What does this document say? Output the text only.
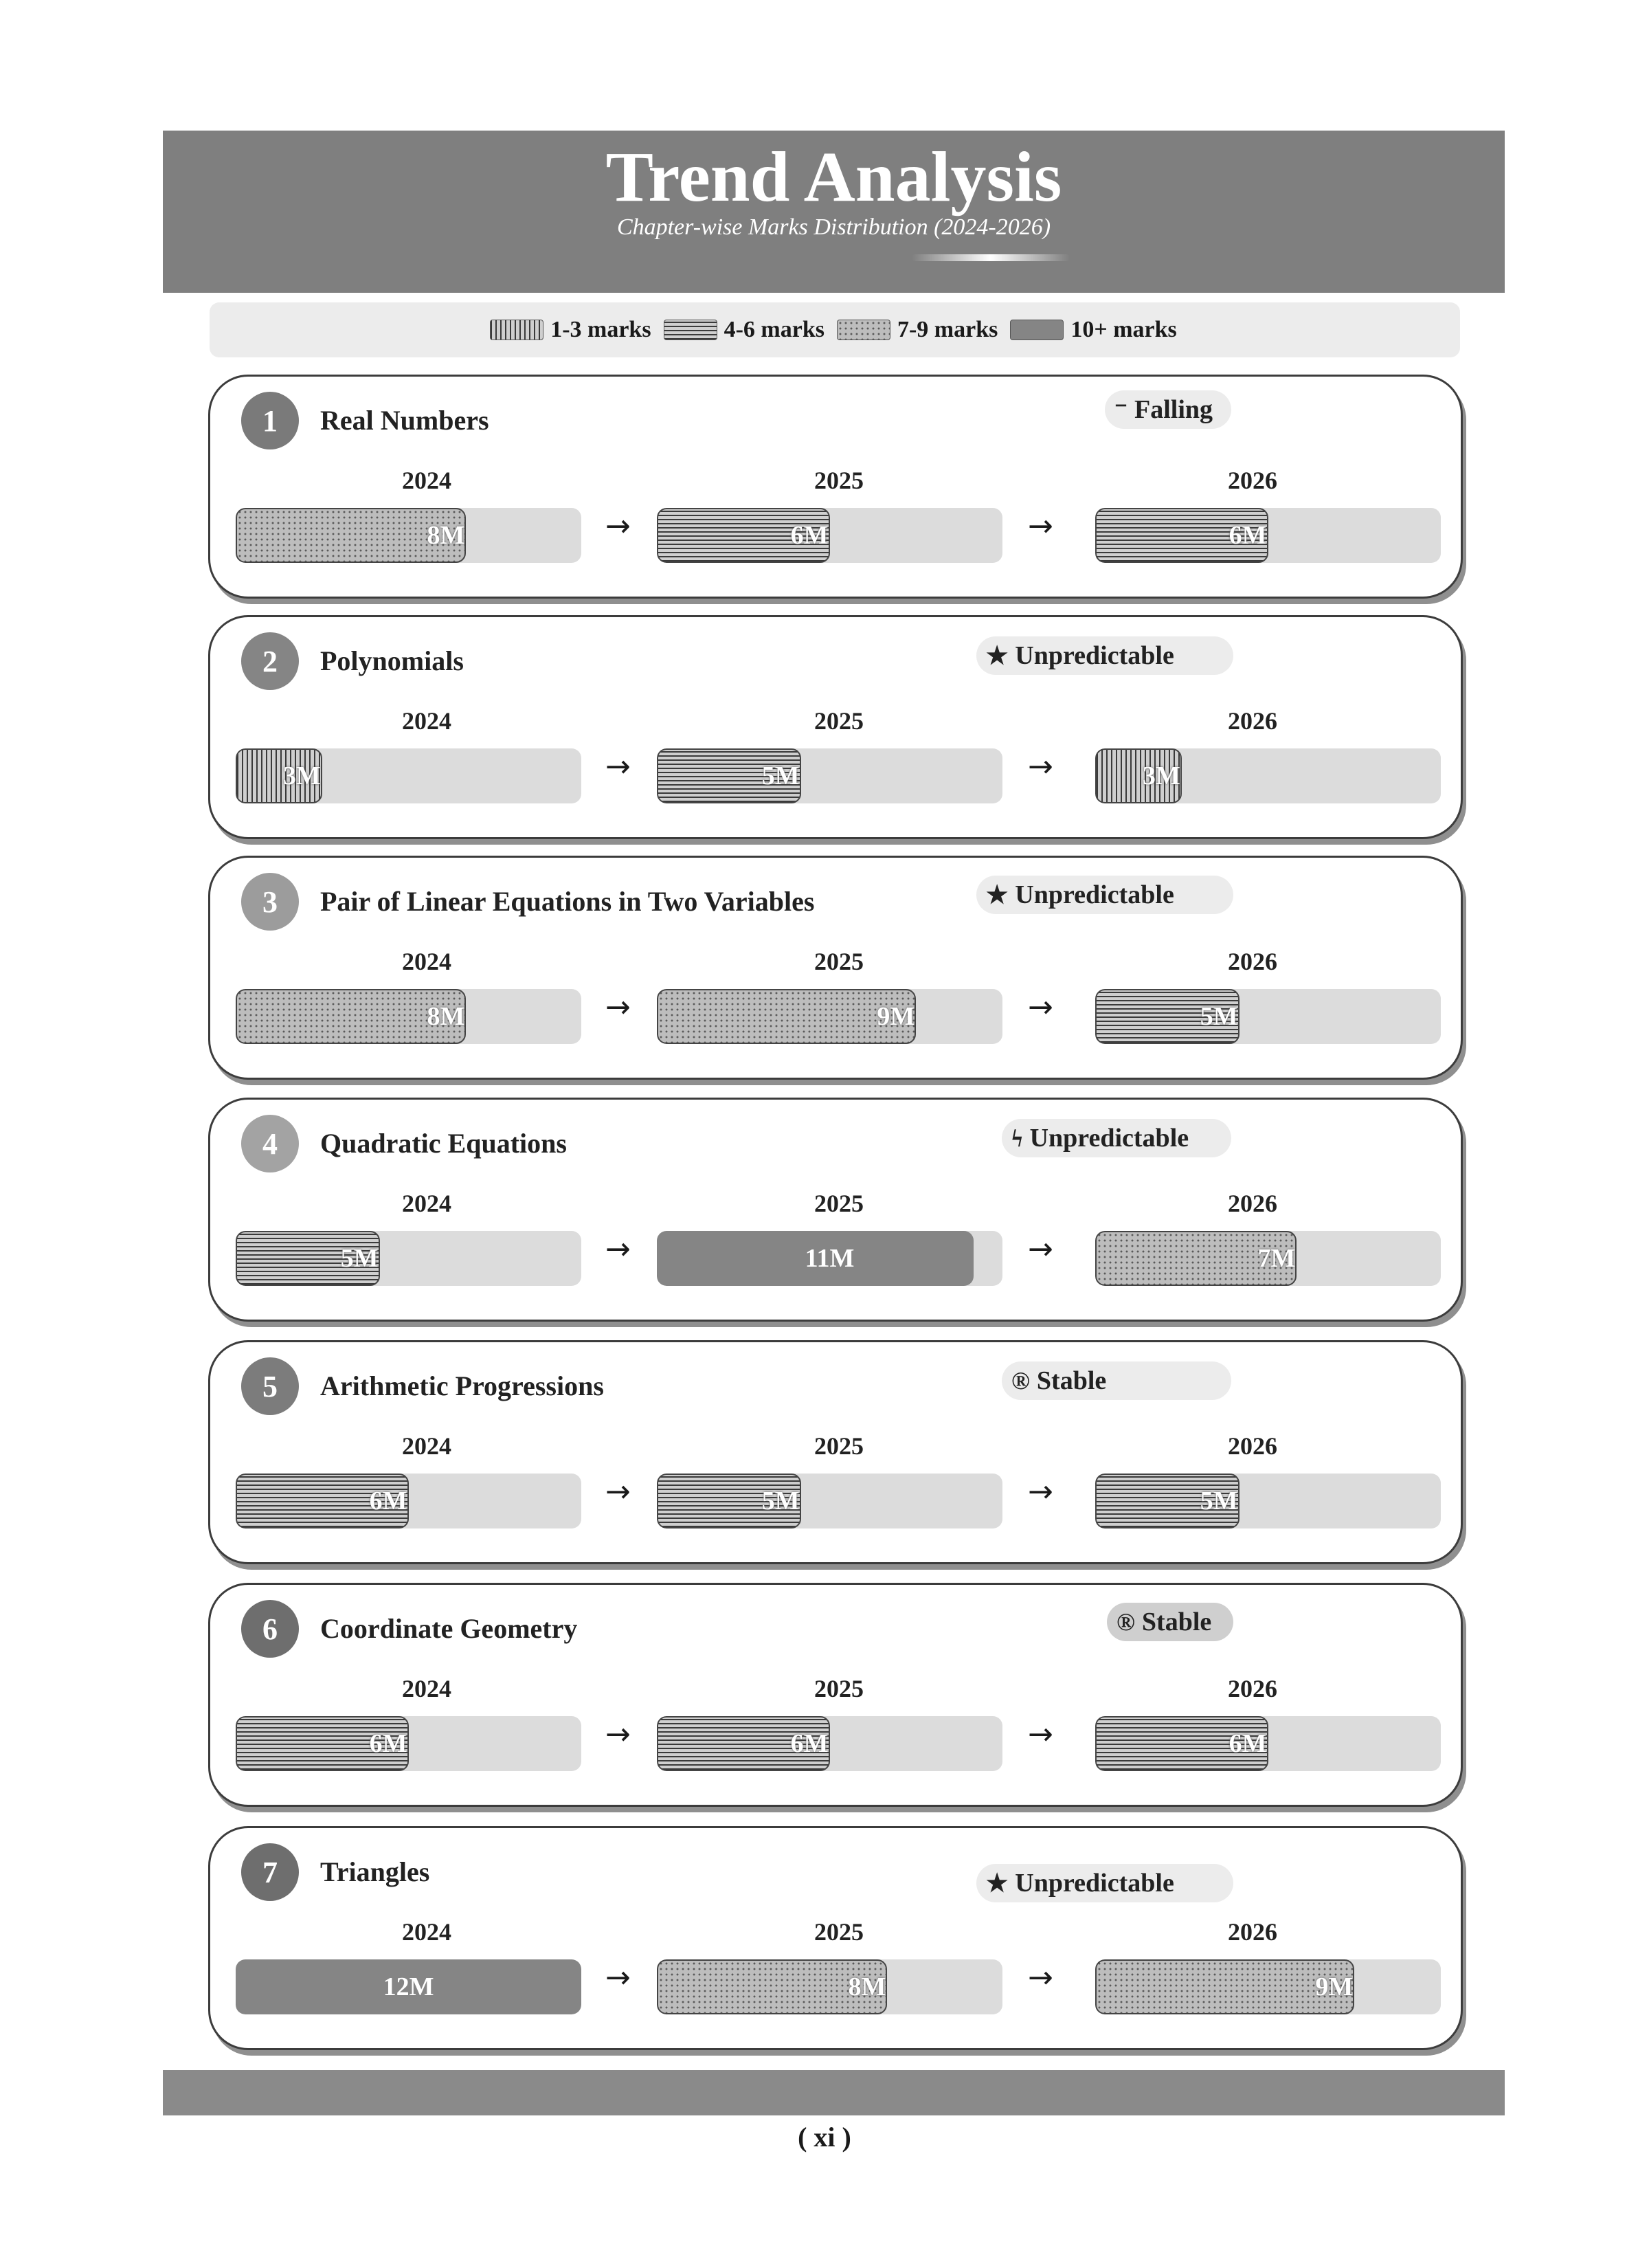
Trend Analysis
Chapter-wise Marks Distribution (2024-2026)
1-3 marks	4-6 marks	7-9 marks	10+ marks
1	Real Numbers	⁻ Falling
2024
8M
2025
6M
2026
6M
→	→
2	Polynomials	★ Unpredictable
2024
3M
2025
5M
2026
3M
→	→
3	Pair of Linear Equations in Two Variables	★ Unpredictable
2024
8M
2025
9M
2026
5M
→	→
4	Quadratic Equations	ϟ Unpredictable
2024
5M
2025
11M
2026
7M
→	→
5	Arithmetic Progressions	® Stable
2024
6M
2025
5M
2026
5M
→	→
6	Coordinate Geometry	® Stable
2024
6M
2025
6M
2026
6M
→	→
7	Triangles	★ Unpredictable
2024
12M
2025
8M
2026
9M
→	→
( xi )
